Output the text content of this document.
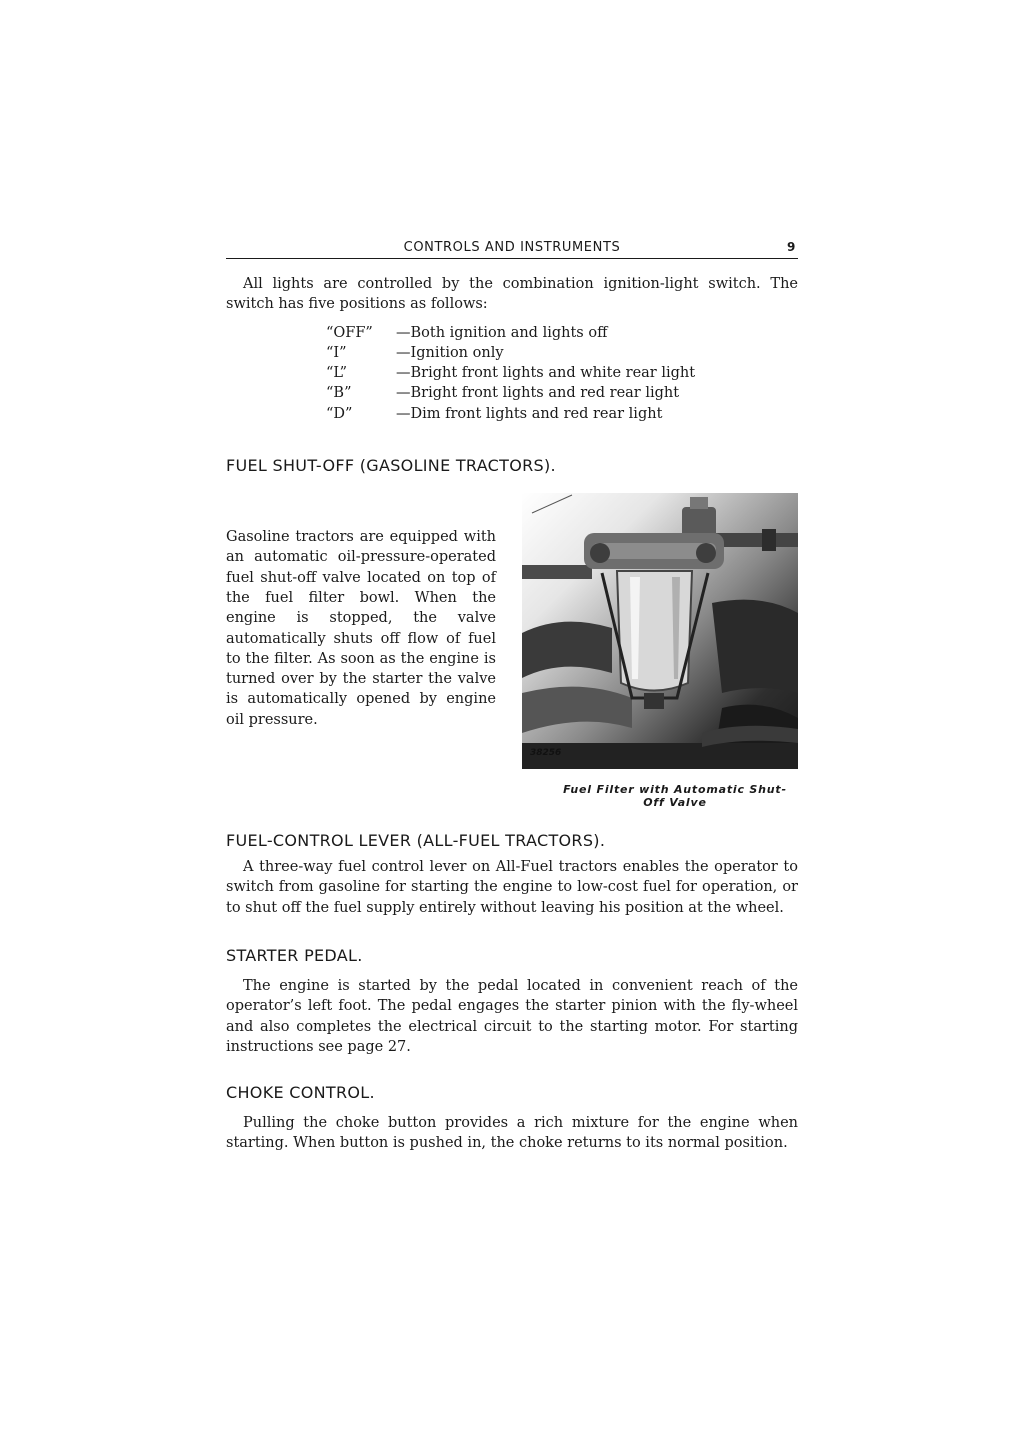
CONTROLS AND INSTRUMENTS	9

All lights are controlled by the combination ignition-light switch. The switch has five positions as follows:

“OFF”	—Both ignition and lights off
“I”	—Ignition only
“L”	—Bright front lights and white rear light
“B”	—Bright front lights and red rear light
“D”	—Dim front lights and red rear light
FUEL SHUT-OFF (GASOLINE TRACTORS).

Gasoline tractors are equipped with an automatic oil-pressure-operated fuel shut-off valve located on top of the fuel filter bowl. When the engine is stopped, the valve automatically shuts off flow of fuel to the filter. As soon as the engine is turned over by the starter the valve is automatically opened by engine oil pressure.

38256
Fuel Filter with Automatic Shut-
Off Valve
FUEL-CONTROL LEVER (ALL-FUEL TRACTORS).

A three-way fuel control lever on All-Fuel tractors enables the operator to switch from gasoline for starting the engine to low-cost fuel for operation, or to shut off the fuel supply entirely without leaving his position at the wheel.

STARTER PEDAL.

The engine is started by the pedal located in convenient reach of the operator’s left foot. The pedal engages the starter pinion with the fly-wheel and also completes the electrical circuit to the starting motor. For starting instructions see page 27.

CHOKE CONTROL.

Pulling the choke button provides a rich mixture for the engine when starting. When button is pushed in, the choke returns to its normal position.
